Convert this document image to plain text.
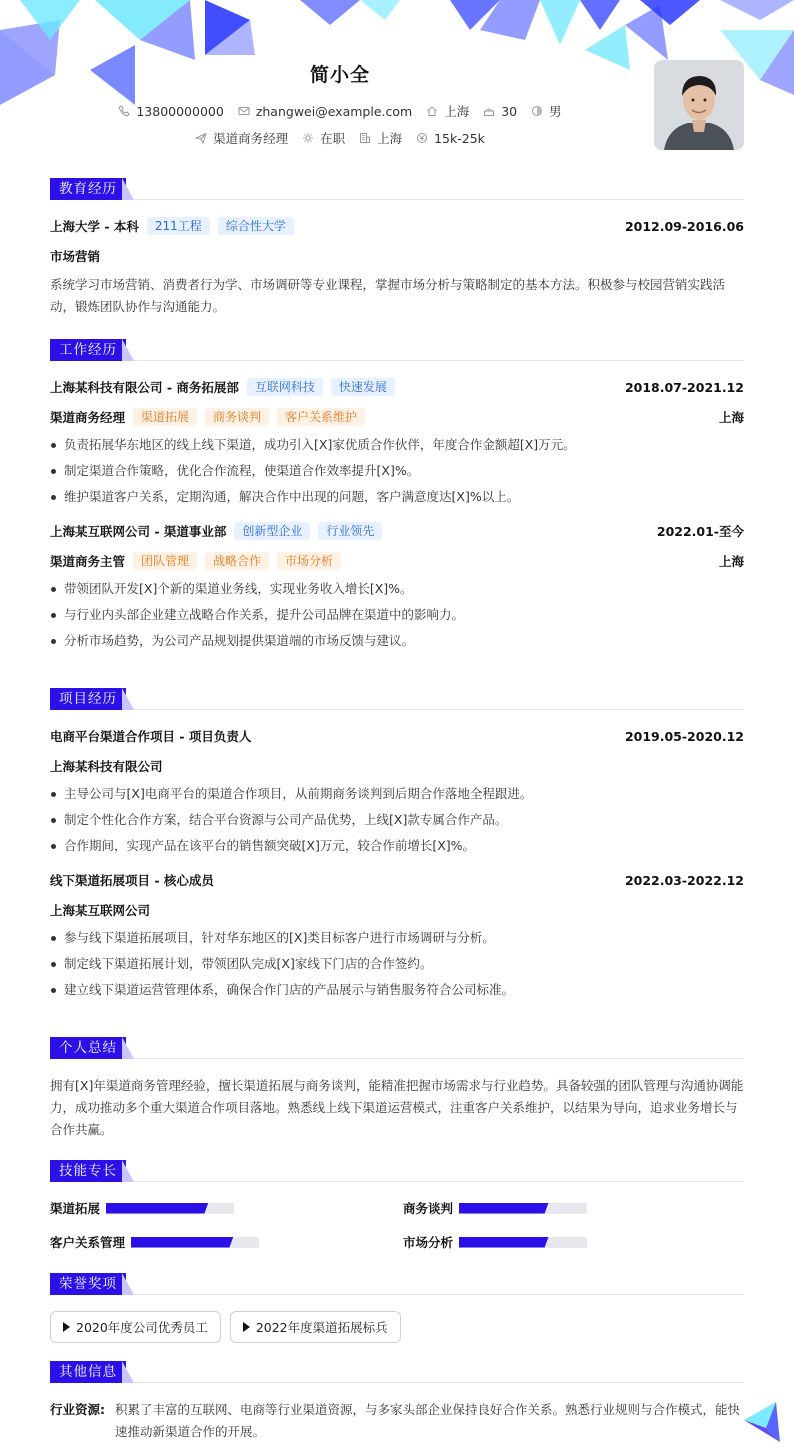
简小全
13800000000	zhangwei@example.com	上海	30	男
渠道商务经理	在职	上海	15k-25k
教育经历
上海大学 - 本科	211工程	综合性大学	2012.09-2016.06
市场营销
系统学习市场营销、消费者行为学、市场调研等专业课程，掌握市场分析与策略制定的基本方法。积极参与校园营销实践活动，锻炼团队协作与沟通能力。
工作经历
上海某科技有限公司 - 商务拓展部	互联网科技	快速发展	2018.07-2021.12
渠道商务经理	渠道拓展	商务谈判	客户关系维护	上海
负责拓展华东地区的线上线下渠道，成功引入[X]家优质合作伙伴，年度合作金额超[X]万元。
制定渠道合作策略，优化合作流程，使渠道合作效率提升[X]%。
维护渠道客户关系，定期沟通，解决合作中出现的问题，客户满意度达[X]%以上。
上海某互联网公司 - 渠道事业部	创新型企业	行业领先	2022.01-至今
渠道商务主管	团队管理	战略合作	市场分析	上海
带领团队开发[X]个新的渠道业务线，实现业务收入增长[X]%。
与行业内头部企业建立战略合作关系，提升公司品牌在渠道中的影响力。
分析市场趋势，为公司产品规划提供渠道端的市场反馈与建议。
项目经历
电商平台渠道合作项目 - 项目负责人	2019.05-2020.12
上海某科技有限公司
主导公司与[X]电商平台的渠道合作项目，从前期商务谈判到后期合作落地全程跟进。
制定个性化合作方案，结合平台资源与公司产品优势，上线[X]款专属合作产品。
合作期间，实现产品在该平台的销售额突破[X]万元，较合作前增长[X]%。
线下渠道拓展项目 - 核心成员	2022.03-2022.12
上海某互联网公司
参与线下渠道拓展项目，针对华东地区的[X]类目标客户进行市场调研与分析。
制定线下渠道拓展计划，带领团队完成[X]家线下门店的合作签约。
建立线下渠道运营管理体系，确保合作门店的产品展示与销售服务符合公司标准。
个人总结
拥有[X]年渠道商务管理经验，擅长渠道拓展与商务谈判，能精准把握市场需求与行业趋势。具备较强的团队管理与沟通协调能力，成功推动多个重大渠道合作项目落地。熟悉线上线下渠道运营模式，注重客户关系维护，以结果为导向，追求业务增长与合作共赢。
技能专长
渠道拓展	商务谈判
客户关系管理	市场分析
荣誉奖项
2020年度公司优秀员工	2022年度渠道拓展标兵
其他信息
行业资源: 积累了丰富的互联网、电商等行业渠道资源，与多家头部企业保持良好合作关系。熟悉行业规则与合作模式，能快速推动新渠道合作的开展。
